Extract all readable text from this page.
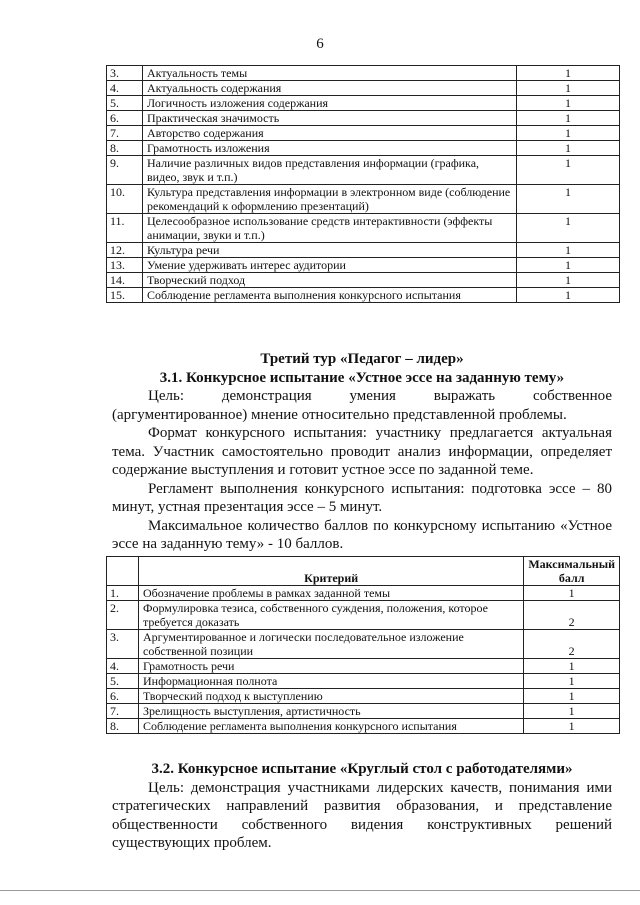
6
3.	Актуальность темы	1
4.	Актуальность содержания	1
5.	Логичность изложения содержания	1
6.	Практическая значимость	1
7.	Авторство содержания	1
8.	Грамотность изложения	1
9.	Наличие различных видов представления информации (графика, видео, звук и т.п.)	1
10.	Культура представления информации в электронном виде (соблюдение рекомендаций к оформлению презентаций)	1
11.	Целесообразное использование средств интерактивности (эффекты анимации, звуки и т.п.)	1
12.	Культура речи	1
13.	Умение удерживать интерес аудитории	1
14.	Творческий подход	1
15.	Соблюдение регламента выполнения конкурсного испытания	1
Третий тур «Педагог – лидер»
3.1. Конкурсное испытание «Устное эссе на заданную тему»
Цель: демонстрация умения выражать собственное
(аргументированное) мнение относительно представленной проблемы.
Формат конкурсного испытания: участнику предлагается актуальная тема. Участник самостоятельно проводит анализ информации, определяет содержание выступления и готовит устное эссе по заданной теме.
Регламент выполнения конкурсного испытания: подготовка эссе – 80 минут, устная презентация эссе – 5 минут.
Максимальное количество баллов по конкурсному испытанию «Устное эссе на заданную тему» - 10 баллов.
	Критерий	Максимальный балл
1.	Обозначение проблемы в рамках заданной темы	1
2.	Формулировка тезиса, собственного суждения, положения, которое требуется доказать	2
3.	Аргументированное и логически последовательное изложение собственной позиции	2
4.	Грамотность речи	1
5.	Информационная полнота	1
6.	Творческий подход к выступлению	1
7.	Зрелищность выступления, артистичность	1
8.	Соблюдение регламента выполнения конкурсного испытания	1
3.2. Конкурсное испытание «Круглый стол с работодателями»
Цель: демонстрация участниками лидерских качеств, понимания ими стратегических направлений развития образования, и представление общественности собственного видения конструктивных решений существующих проблем.
